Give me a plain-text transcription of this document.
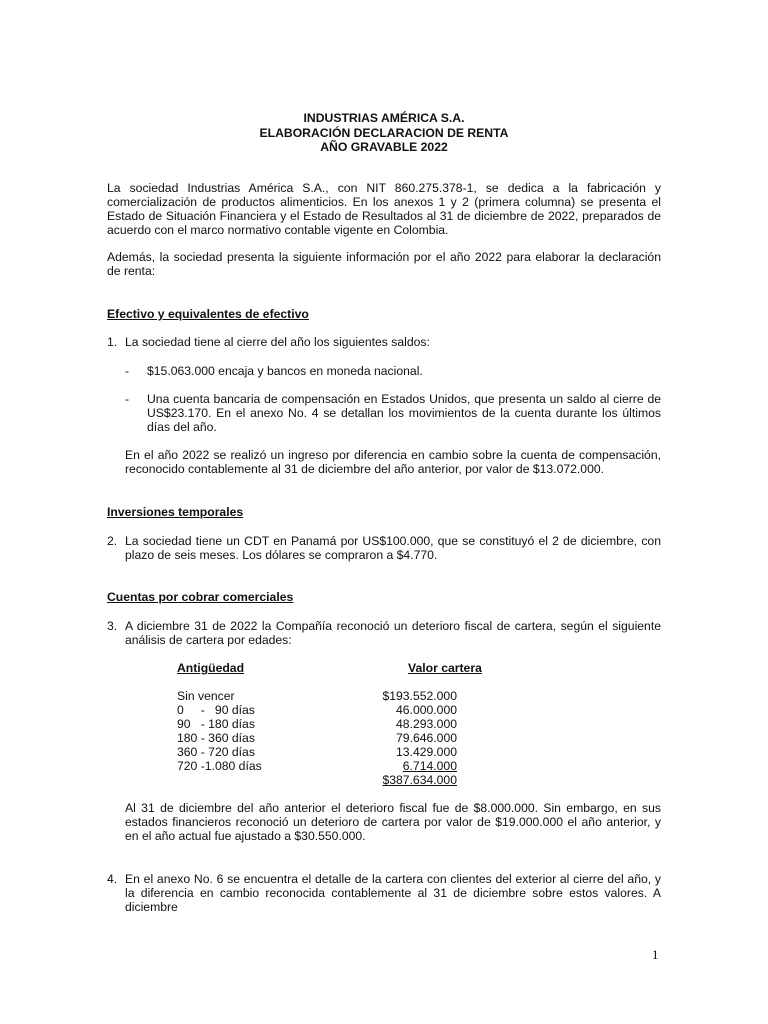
INDUSTRIAS AMÉRICA S.A.
ELABORACIÓN DECLARACION DE RENTA
AÑO GRAVABLE 2022

La sociedad Industrias América S.A., con NIT 860.275.378-1, se dedica a la fabricación y comercialización de productos alimenticios. En los anexos 1 y 2 (primera columna) se presenta el Estado de Situación Financiera y el Estado de Resultados al 31 de diciembre de 2022, preparados de acuerdo con el marco normativo contable vigente en Colombia.

Además, la sociedad presenta la siguiente información por el año 2022 para elaborar la declaración de renta:

Efectivo y equivalentes de efectivo

1. La sociedad tiene al cierre del año los siguientes saldos:

- $15.063.000 encaja y bancos en moneda nacional.

- Una cuenta bancaria de compensación en Estados Unidos, que presenta un saldo al cierre de US$23.170. En el anexo No. 4 se detallan los movimientos de la cuenta durante los últimos días del año.

En el año 2022 se realizó un ingreso por diferencia en cambio sobre la cuenta de compensación, reconocido contablemente al 31 de diciembre del año anterior, por valor de $13.072.000.

Inversiones temporales

2. La sociedad tiene un CDT en Panamá por US$100.000, que se constituyó el 2 de diciembre, con plazo de seis meses. Los dólares se compraron a $4.770.

Cuentas por cobrar comerciales

3. A diciembre 31 de 2022 la Compañía reconoció un deterioro fiscal de cartera, según el siguiente análisis de cartera por edades:

Antigüedad	Valor cartera
Sin vencer	$193.552.000
0     -   90 días	46.000.000
90   - 180 días	48.293.000
180 - 360 días	79.646.000
360 - 720 días	13.429.000
720 -1.080 días	6.714.000
$387.634.000

Al 31 de diciembre del año anterior el deterioro fiscal fue de $8.000.000. Sin embargo, en sus estados financieros reconoció un deterioro de cartera por valor de $19.000.000 el año anterior, y en el año actual fue ajustado a $30.550.000.

4. En el anexo No. 6 se encuentra el detalle de la cartera con clientes del exterior al cierre del año, y la diferencia en cambio reconocida contablemente al 31 de diciembre sobre estos valores. A diciembre

1
